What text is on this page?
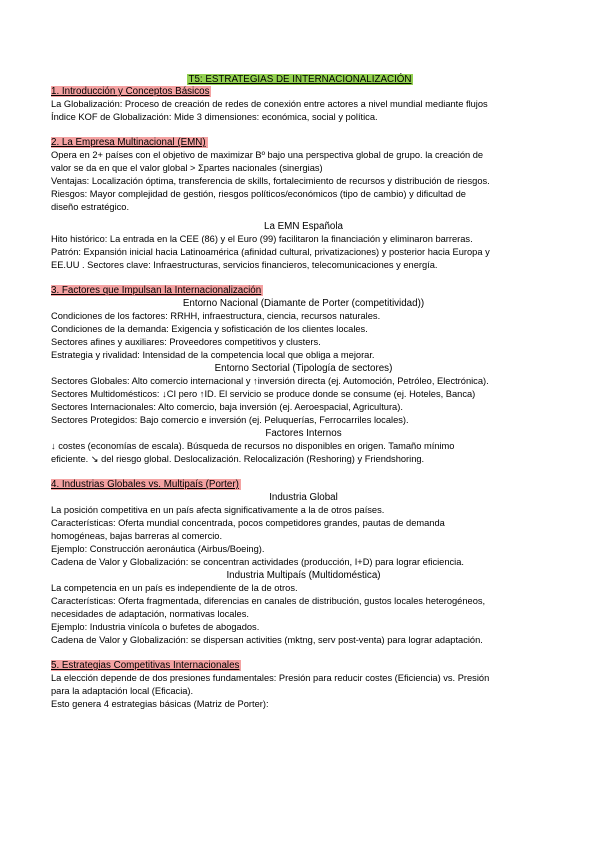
T5: ESTRATEGIAS DE INTERNACIONALIZACIÓN
1. Introducción y Conceptos Básicos
La Globalización: Proceso de creación de redes de conexión entre actores a nivel mundial mediante flujos
Índice KOF de Globalización: Mide 3 dimensiones: económica, social y política.
2. La Empresa Multinacional (EMN)
Opera en 2+ países con el objetivo de maximizar Bº bajo una perspectiva global de grupo. la creación de
valor se da en que el valor global > Σpartes nacionales (sinergias)
Ventajas: Localización óptima, transferencia de skills, fortalecimiento de recursos y distribución de riesgos.
Riesgos: Mayor complejidad de gestión, riesgos políticos/económicos (tipo de cambio) y dificultad de
diseño estratégico.
La EMN Española
Hito histórico: La entrada en la CEE (86) y el Euro (99) facilitaron la financiación y eliminaron barreras.
Patrón: Expansión inicial hacia Latinoamérica (afinidad cultural, privatizaciones) y posterior hacia Europa y
EE.UU . Sectores clave: Infraestructuras, servicios financieros, telecomunicaciones y energía.
3. Factores que Impulsan la Internacionalización
Entorno Nacional (Diamante de Porter (competitividad))
Condiciones de los factores: RRHH, infraestructura, ciencia, recursos naturales.
Condiciones de la demanda: Exigencia y sofisticación de los clientes locales.
Sectores afines y auxiliares: Proveedores competitivos y clusters.
Estrategia y rivalidad: Intensidad de la competencia local que obliga a mejorar.
Entorno Sectorial (Tipología de sectores)
Sectores Globales: Alto comercio internacional y ↑inversión directa (ej. Automoción, Petróleo, Electrónica).
Sectores Multidomésticos: ↓CI pero ↑ID. El servicio se produce donde se consume (ej. Hoteles, Banca)
Sectores Internacionales: Alto comercio, baja inversión (ej. Aeroespacial, Agricultura).
Sectores Protegidos: Bajo comercio e inversión (ej. Peluquerías, Ferrocarriles locales).
Factores Internos
↓ costes (economías de escala). Búsqueda de recursos no disponibles en origen. Tamaño mínimo
eficiente. ↘ del riesgo global. Deslocalización. Relocalización (Reshoring) y Friendshoring.
4. Industrias Globales vs. Multipaís (Porter)
Industria Global
La posición competitiva en un país afecta significativamente a la de otros países.
Características: Oferta mundial concentrada, pocos competidores grandes, pautas de demanda
homogéneas, bajas barreras al comercio.
Ejemplo: Construcción aeronáutica (Airbus/Boeing).
Cadena de Valor y Globalización: se concentran actividades (producción, I+D) para lograr eficiencia.
Industria Multipaís (Multidoméstica)
La competencia en un país es independiente de la de otros.
Características: Oferta fragmentada, diferencias en canales de distribución, gustos locales heterogéneos,
necesidades de adaptación, normativas locales.
Ejemplo: Industria vinícola o bufetes de abogados.
Cadena de Valor y Globalización: se dispersan activities (mktng, serv post-venta) para lograr adaptación.
5. Estrategias Competitivas Internacionales
La elección depende de dos presiones fundamentales: Presión para reducir costes (Eficiencia) vs. Presión
para la adaptación local (Eficacia).
Esto genera 4 estrategias básicas (Matriz de Porter):
